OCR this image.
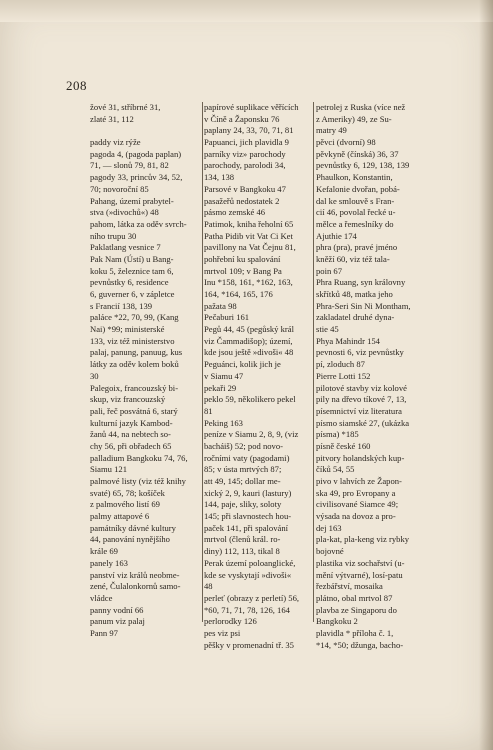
208
žové 31, stříbrné 31,
zlaté 31, 112
paddy viz rýže
pagoda 4, (pagoda paplan)
71, — slonů 79, 81, 82
pagody 33, princův 34, 52,
70; novoroční 85
Pahang, území prabytel-
stva (»divochů«) 48
pahom, látka za oděv svrch-
ního trupu 30
Paklatlang vesnice 7
Pak Nam (Ústí) u Bang-
koku 5, železnice tam 6,
pevnůstky 6, residence
6, guverner 6, v zápletce
s Francií 138, 139
paláce *22, 70, 99, (Kang
Nai) *99; ministerské
133, viz též ministerstvo
palaj, panung, panuug, kus
látky za oděv kolem boků
30
Palegoix, francouzský bi-
skup, viz francouzský
pali, řeč posvátná 6, starý
kulturní jazyk Kambod-
žanů 44, na nebtech so-
chy 56, při obřadech 65
palladium Bangkoku 74, 76,
Siamu 121
palmové listy (viz též knihy
svaté) 65, 78; košíček
z palmového listí 69
palmy attapové 6
památníky dávné kultury
44, panování nynějšího
krále 69
panely 163
panství viz králů neobme-
zené, Čulalonkornů samo-
vládce
panny vodní 66
panum viz palaj
Pann 97
papírové suplikace věřících
v Číně a Žaponsku 76
paplany 24, 33, 70, 71, 81
Papuanci, jich plavidla 9
parníky viz» parochody
parochody, parolodi 34,
134, 138
Parsové v Bangkoku 47
pasažeřů nedostatek 2
pásmo zemské 46
Patimok, kniha řeholní 65
Patha Pidib vit Vat Ci Ket
pavillony na Vat Čejnu 81,
pohřební ku spalování
mrtvol 109; v Bang Pa
Inu *158, 161, *162, 163,
164, *164, 165, 176
pažata 98
Pečaburi 161
Pegů 44, 45 (pegůský král
viz Čammadišop); území,
kde jsou ještě »divoši« 48
Peguánci, kolik jich je
v Siamu 47
pekaři 29
peklo 59, několikero pekel
81
Peking 163
peníze v Siamu 2, 8, 9, (viz
bacháiš) 52; pod novo-
ročními vaty (pagodami)
85; v ústa mrtvých 87;
att 49, 145; dollar me-
xický 2, 9, kauri (lastury)
144, paje, sliky, soloty
145; při slavnostech hou-
paček 141, při spalování
mrtvol (členů král. ro-
diny) 112, 113, tikal 8
Perak území poloanglické,
kde se vyskytají »divoši«
48
perleť (obrazy z perletí) 56,
*60, 71, 71, 78, 126, 164
perlorodky 126
pes viz psi
pěšky v promenadní tř. 35
petrolej z Ruska (více než
z Ameriky) 49, ze Su-
matry 49
pěvci (dvorní) 98
pěvkyně (čínská) 36, 37
pevnůstky 6, 129, 138, 139
Phaulkon, Konstantin,
Kefalonie dvořan, pobá-
dal ke smlouvě s Fran-
cií 46, povolal řecké u-
mělce a řemeslníky do
Ajuthie 174
phra (pra), pravé jméno
kněží 60, viz též tala-
poin 67
Phra Ruang, syn královny
skřítků 48, matka jeho
Phra-Seri Sin Ni Montham,
zakladatel druhé dyna-
stie 45
Phya Mahindr 154
pevnosti 6, viz pevnůstky
pí, zloduch 87
Pierre Lotti 152
pilotové stavby viz kolové
pily na dřevo tíkové 7, 13,
písemnictví viz literatura
písmo siamské 27, (ukázka
písma) *185
písně české 160
pitvory holandských kup-
číků 54, 55
pivo v lahvích ze Žapon-
ska 49, pro Evropany a
civilisované Siamce 49;
výsada na dovoz a pro-
dej 163
pla-kat, pla-keng viz rybky
bojovné
plastika viz sochařství (u-
mění výtvarné), losí-patu
řezbářství, mosaika
plátno, obal mrtvol 87
plavba ze Singaporu do
Bangkoku 2
plavidla * příloha č. 1,
*14, *50; džunga, bacho-
